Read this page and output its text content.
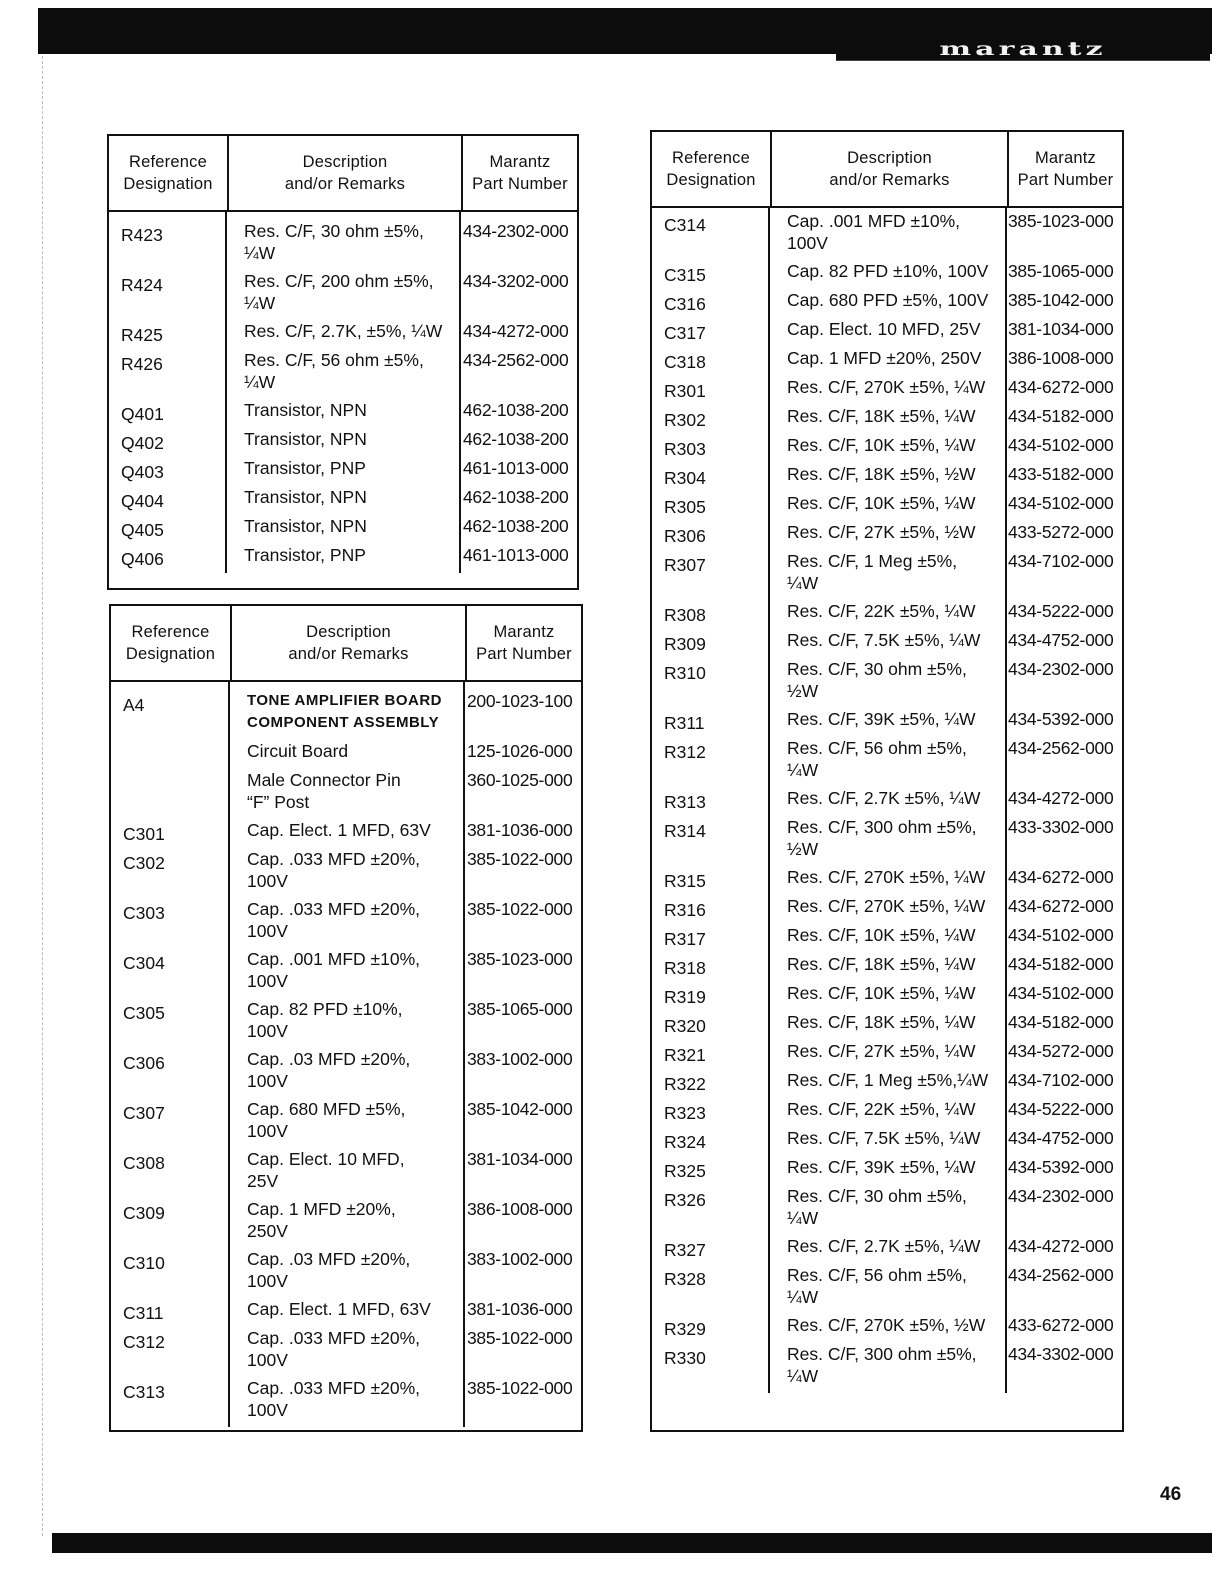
marantz
Reference
Designation
Description
and/or Remarks
Marantz
Part Number
R423	Res. C/F, 30 ohm ±5%,
¼W
434-2302-000
R424	Res. C/F, 200 ohm ±5%,
¼W
434-3202-000
R425	Res. C/F, 2.7K, ±5%, ¼W	434-4272-000
R426	Res. C/F, 56 ohm ±5%,
¼W
434-2562-000
Q401	Transistor, NPN	462-1038-200
Q402	Transistor, NPN	462-1038-200
Q403	Transistor, PNP	461-1013-000
Q404	Transistor, NPN	462-1038-200
Q405	Transistor, NPN	462-1038-200
Q406	Transistor, PNP	461-1013-000
Reference
Designation
Description
and/or Remarks
Marantz
Part Number
A4	TONE AMPLIFIER BOARD
COMPONENT ASSEMBLY
200-1023-100
Circuit Board	125-1026-000
Male Connector Pin
“F” Post
360-1025-000
C301	Cap. Elect. 1 MFD, 63V	381-1036-000
C302	Cap. .033 MFD ±20%,
100V
385-1022-000
C303	Cap. .033 MFD ±20%,
100V
385-1022-000
C304	Cap. .001 MFD ±10%,
100V
385-1023-000
C305	Cap. 82 PFD ±10%,
100V
385-1065-000
C306	Cap. .03 MFD ±20%,
100V
383-1002-000
C307	Cap. 680 MFD ±5%,
100V
385-1042-000
C308	Cap. Elect. 10 MFD,
25V
381-1034-000
C309	Cap. 1 MFD ±20%,
250V
386-1008-000
C310	Cap. .03 MFD ±20%,
100V
383-1002-000
C311	Cap. Elect. 1 MFD, 63V	381-1036-000
C312	Cap. .033 MFD ±20%,
100V
385-1022-000
C313	Cap. .033 MFD ±20%,
100V
385-1022-000
Reference
Designation
Description
and/or Remarks
Marantz
Part Number
C314	Cap. .001 MFD ±10%,
100V
385-1023-000
C315	Cap. 82 PFD ±10%, 100V	385-1065-000
C316	Cap. 680 PFD ±5%, 100V	385-1042-000
C317	Cap. Elect. 10 MFD, 25V	381-1034-000
C318	Cap. 1 MFD ±20%, 250V	386-1008-000
R301	Res. C/F, 270K ±5%, ¼W	434-6272-000
R302	Res. C/F, 18K ±5%, ¼W	434-5182-000
R303	Res. C/F, 10K ±5%, ¼W	434-5102-000
R304	Res. C/F, 18K ±5%, ½W	433-5182-000
R305	Res. C/F, 10K ±5%, ¼W	434-5102-000
R306	Res. C/F, 27K ±5%, ½W	433-5272-000
R307	Res. C/F, 1 Meg ±5%,
¼W
434-7102-000
R308	Res. C/F, 22K ±5%, ¼W	434-5222-000
R309	Res. C/F, 7.5K ±5%, ¼W	434-4752-000
R310	Res. C/F, 30 ohm ±5%,
½W
434-2302-000
R311	Res. C/F, 39K ±5%, ¼W	434-5392-000
R312	Res. C/F, 56 ohm ±5%,
¼W
434-2562-000
R313	Res. C/F, 2.7K ±5%, ¼W	434-4272-000
R314	Res. C/F, 300 ohm ±5%,
½W
433-3302-000
R315	Res. C/F, 270K ±5%, ¼W	434-6272-000
R316	Res. C/F, 270K ±5%, ¼W	434-6272-000
R317	Res. C/F, 10K ±5%, ¼W	434-5102-000
R318	Res. C/F, 18K ±5%, ¼W	434-5182-000
R319	Res. C/F, 10K ±5%, ¼W	434-5102-000
R320	Res. C/F, 18K ±5%, ¼W	434-5182-000
R321	Res. C/F, 27K ±5%, ¼W	434-5272-000
R322	Res. C/F, 1 Meg ±5%,¼W	434-7102-000
R323	Res. C/F, 22K ±5%, ¼W	434-5222-000
R324	Res. C/F, 7.5K ±5%, ¼W	434-4752-000
R325	Res. C/F, 39K ±5%, ¼W	434-5392-000
R326	Res. C/F, 30 ohm ±5%,
¼W
434-2302-000
R327	Res. C/F, 2.7K ±5%, ¼W	434-4272-000
R328	Res. C/F, 56 ohm ±5%,
¼W
434-2562-000
R329	Res. C/F, 270K ±5%, ½W	433-6272-000
R330	Res. C/F, 300 ohm ±5%,
¼W
434-3302-000
46
